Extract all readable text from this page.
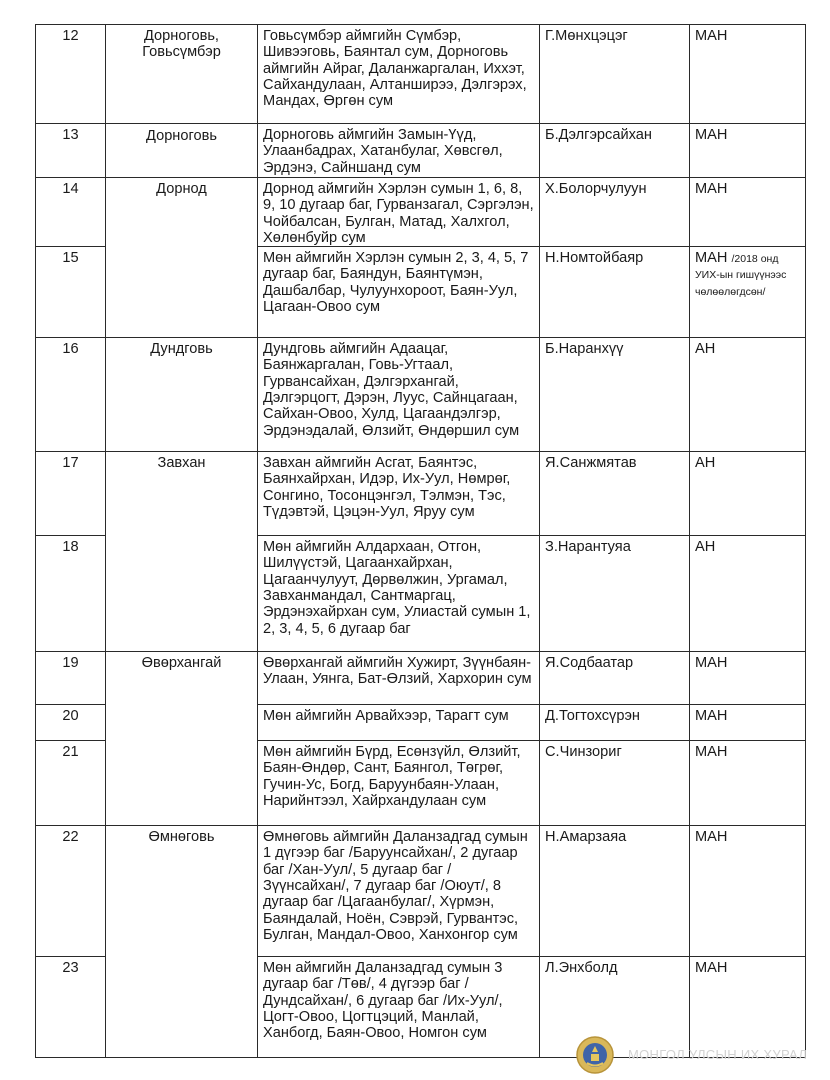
12	Дорноговь, Говьсүмбэр	Говьсүмбэр аймгийн Сүмбэр, Шивээговь, Баянтал сум, Дорноговь аймгийн Айраг, Даланжаргалан, Иххэт, Сайхандулаан, Алтанширээ, Дэлгэрэх, Мандах, Өргөн сум	Г.Мөнхцэцэг	МАН
13	Дорноговь	Дорноговь аймгийн Замын-Үүд, Улаанбадрах, Хатанбулаг, Хөвсгөл, Эрдэнэ, Сайншанд сум	Б.Дэлгэрсайхан	МАН
14	Дорнод	Дорнод аймгийн Хэрлэн сумын 1, 6, 8, 9, 10 дугаар баг, Гурванзагал, Сэргэлэн, Чойбалсан, Булган, Матад, Халхгол, Хөлөнбуйр сум	Х.Болорчулуун	МАН
15		Мөн аймгийн Хэрлэн сумын 2, 3, 4, 5, 7 дугаар баг, Баяндун, Баянтүмэн, Дашбалбар, Чулуунхороот, Баян-Уул, Цагаан-Овоо сум	Н.Номтойбаяр	МАН /2018 онд УИХ-ын гишүүнээс чөлөөлөгдсөн/
16	Дундговь	Дундговь аймгийн Адаацаг, Баянжаргалан, Говь-Угтаал, Гурвансайхан, Дэлгэрхангай, Дэлгэрцогт, Дэрэн, Луус, Сайнцагаан, Сайхан-Овоо, Хулд, Цагаандэлгэр, Эрдэнэдалай, Өлзийт, Өндөршил сум	Б.Наранхүү	АН
17	Завхан	Завхан аймгийн Асгат, Баянтэс, Баянхайрхан, Идэр, Их-Уул, Нөмрөг, Сонгино, Тосонцэнгэл, Тэлмэн, Тэс, Түдэвтэй, Цэцэн-Уул, Яруу сум	Я.Санжмятав	АН
18		Мөн аймгийн Алдархаан, Отгон, Шилүүстэй, Цагаанхайрхан, Цагаанчулуут, Дөрвөлжин, Ургамал, Завханмандал, Сантмаргац, Эрдэнэхайрхан сум, Улиастай сумын 1, 2, 3, 4, 5, 6 дугаар баг	З.Нарантуяа	АН
19	Өвөрхангай	Өвөрхангай аймгийн Хужирт, Зүүнбаян-Улаан, Уянга, Бат-Өлзий, Хархорин сум	Я.Содбаатар	МАН
20		Мөн аймгийн Арвайхээр, Тарагт сум	Д.Тогтохсүрэн	МАН
21		Мөн аймгийн Бүрд, Есөнзүйл, Өлзийт, Баян-Өндөр, Сант, Баянгол, Төгрөг, Гучин-Ус, Богд, Баруунбаян-Улаан, Нарийнтээл, Хайрхандулаан сум	С.Чинзориг	МАН
22	Өмнөговь	Өмнөговь аймгийн Даланзадгад сумын 1 дүгээр баг /Баруунсайхан/, 2 дугаар баг /Хан-Уул/, 5 дугаар баг /Зүүнсайхан/, 7 дугаар баг /Оюут/, 8 дугаар баг /Цагаанбулаг/, Хүрмэн, Баяндалай, Ноён, Сэврэй, Гурвантэс, Булган, Мандал-Овоо, Ханхонгор сум	Н.Амарзаяа	МАН
23		Мөн аймгийн Даланзадгад сумын 3 дугаар баг /Төв/, 4 дүгээр баг /Дундсайхан/, 6 дугаар баг /Их-Уул/, Цогт-Овоо, Цогтцэций, Манлай, Ханбогд, Баян-Овоо, Номгон сум	Л.Энхболд	МАН
МОНГОЛ УЛСЫН ИХ ХУРАЛ
